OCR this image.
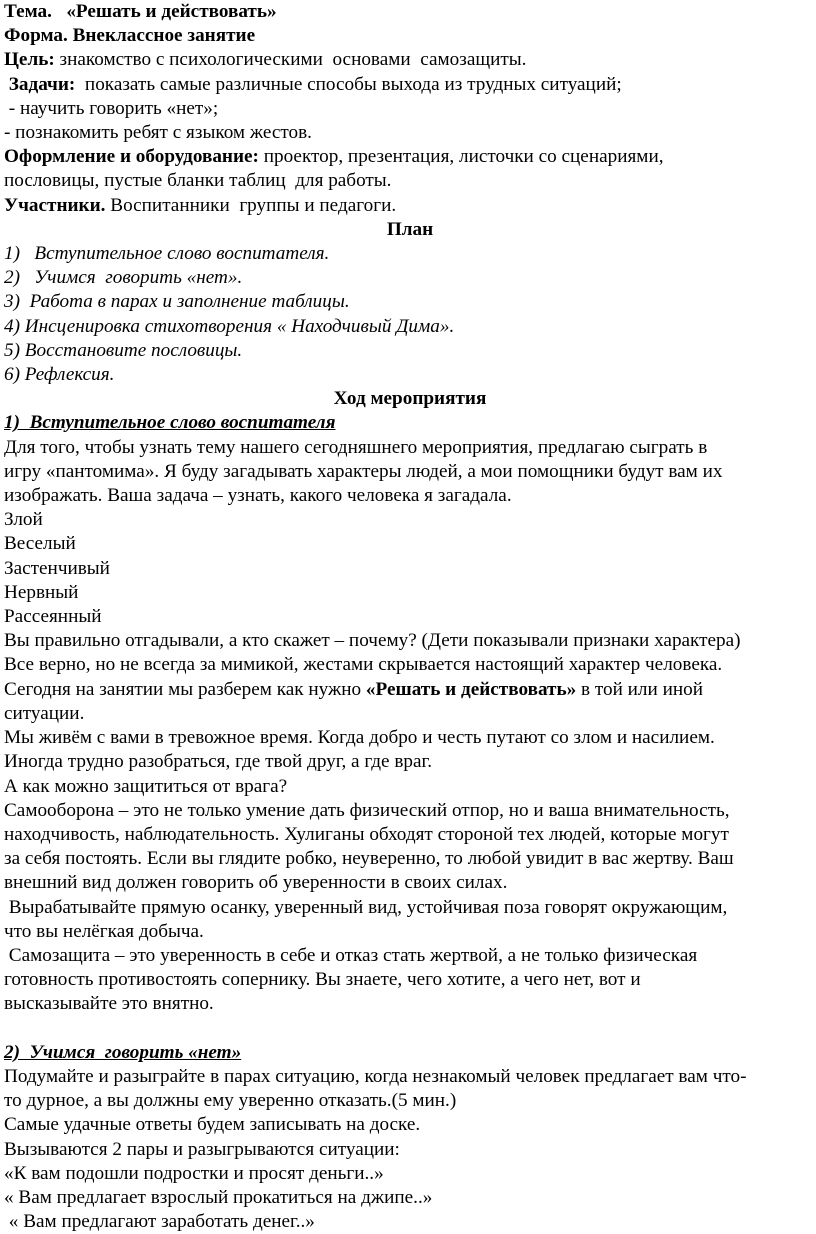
Тема. «Решать и действовать»

Форма. Внеклассное занятие

Цель: знакомство с психологическими  основами  самозащиты.

Задачи:  показать самые различные способы выхода из трудных ситуаций;

- научить говорить «нет»;

- познакомить ребят с языком жестов.

Оформление и оборудование: проектор, презентация, листочки со сценариями,

пословицы, пустые бланки таблиц  для работы.

Участники. Воспитанники  группы и педагоги.

План

1)   Вступительное слово воспитателя.

2)   Учимся  говорить «нет».

3)  Работа в парах и заполнение таблицы.

4) Инсценировка стихотворения « Находчивый Дима».

5) Восстановите пословицы.

6) Рефлексия.

Ход мероприятия

1)  Вступительное слово воспитателя

Для того, чтобы узнать тему нашего сегодняшнего мероприятия, предлагаю сыграть в

игру «пантомима». Я буду загадывать характеры людей, а мои помощники будут вам их

изображать. Ваша задача – узнать, какого человека я загадала.

Злой

Веселый

Застенчивый

Нервный

Рассеянный

Вы правильно отгадывали, а кто скажет – почему? (Дети показывали признаки характера)

Все верно, но не всегда за мимикой, жестами скрывается настоящий характер человека.

Сегодня на занятии мы разберем как нужно «Решать и действовать» в той или иной

ситуации.

Мы живём с вами в тревожное время. Когда добро и честь путают со злом и насилием.

Иногда трудно разобраться, где твой друг, а где враг.

А как можно защититься от врага?

Самооборона – это не только умение дать физический отпор, но и ваша внимательность,

находчивость, наблюдательность. Хулиганы обходят стороной тех людей, которые могут

за себя постоять. Если вы глядите робко, неуверенно, то любой увидит в вас жертву. Ваш

внешний вид должен говорить об уверенности в своих силах.

Вырабатывайте прямую осанку, уверенный вид, устойчивая поза говорят окружающим,

что вы нелёгкая добыча.

Самозащита – это уверенность в себе и отказ стать жертвой, а не только физическая

готовность противостоять сопернику. Вы знаете, чего хотите, а чего нет, вот и

высказывайте это внятно.

2)  Учимся  говорить «нет»

Подумайте и разыграйте в парах ситуацию, когда незнакомый человек предлагает вам что-

то дурное, а вы должны ему уверенно отказать.(5 мин.)

Самые удачные ответы будем записывать на доске.

Вызываются 2 пары и разыгрываются ситуации:

«К вам подошли подростки и просят деньги..»

« Вам предлагает взрослый прокатиться на джипе..»

« Вам предлагают заработать денег..»
